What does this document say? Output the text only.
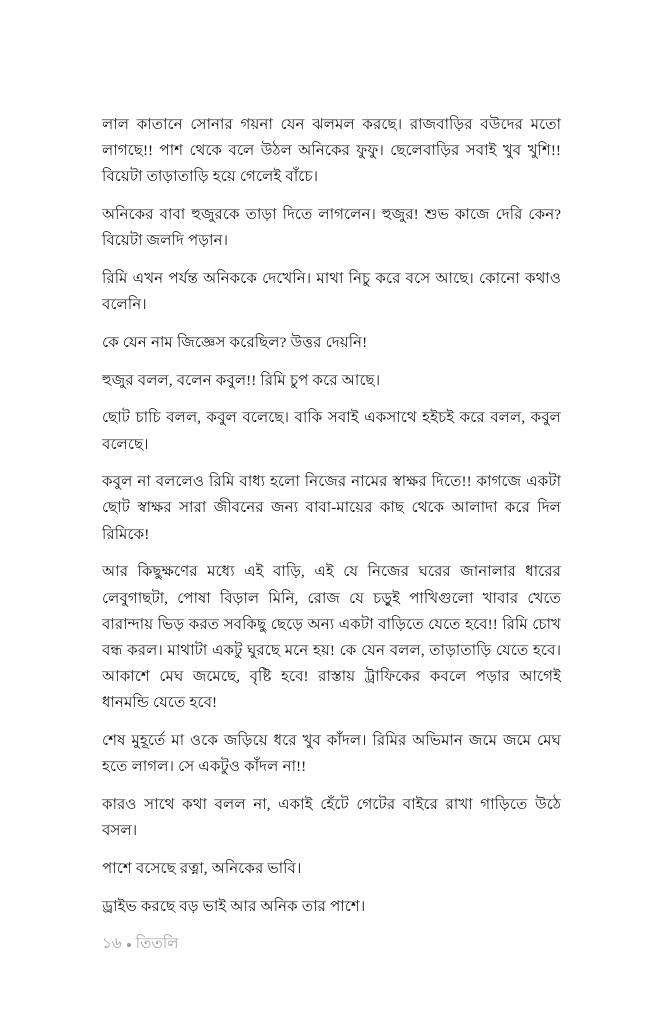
লাল কাতানে সোনার গয়না যেন ঝলমল করছে। রাজবাড়ির বউদের মতো লাগছে!! পাশ থেকে বলে উঠল অনিকের ফুফু। ছেলেবাড়ির সবাই খুব খুশি!! বিয়েটা তাড়াতাড়ি হয়ে গেলেই বাঁচে।

অনিকের বাবা হুজুরকে তাড়া দিতে লাগলেন। হুজুর! শুভ কাজে দেরি কেন? বিয়েটা জলদি পড়ান।

রিমি এখন পর্যন্ত অনিককে দেখেনি। মাথা নিচু করে বসে আছে। কোনো কথাও বলেনি।

কে যেন নাম জিজ্ঞেস করেছিল? উত্তর দেয়নি!

হুজুর বলল, বলেন কবুল!! রিমি চুপ করে আছে।

ছোট চাচি বলল, কবুল বলেছে। বাকি সবাই একসাথে হইচই করে বলল, কবুল বলেছে।

কবুল না বললেও রিমি বাধ্য হলো নিজের নামের স্বাক্ষর দিতে!! কাগজে একটা ছোট স্বাক্ষর সারা জীবনের জন্য বাবা-মায়ের কাছ থেকে আলাদা করে দিল রিমিকে!

আর কিছুক্ষণের মধ্যে এই বাড়ি, এই যে নিজের ঘরের জানালার ধারের লেবুগাছটা, পোষা বিড়াল মিনি, রোজ যে চড়ুই পাখিগুলো খাবার খেতে বারান্দায় ভিড় করত সবকিছু ছেড়ে অন্য একটা বাড়িতে যেতে হবে!! রিমি চোখ বন্ধ করল। মাথাটা একটু ঘুরছে মনে হয়! কে যেন বলল, তাড়াতাড়ি যেতে হবে। আকাশে মেঘ জমেছে, বৃষ্টি হবে! রাস্তায় ট্রাফিকের কবলে পড়ার আগেই ধানমন্ডি যেতে হবে!

শেষ মুহূর্তে মা ওকে জড়িয়ে ধরে খুব কাঁদল। রিমির অভিমান জমে জমে মেঘ হতে লাগল। সে একটুও কাঁদল না!!

কারও সাথে কথা বলল না, একাই হেঁটে গেটের বাইরে রাখা গাড়িতে উঠে বসল।

পাশে বসেছে রত্না, অনিকের ভাবি।

ড্রাইভ করছে বড় ভাই আর অনিক তার পাশে।

১৬ তিতলি
